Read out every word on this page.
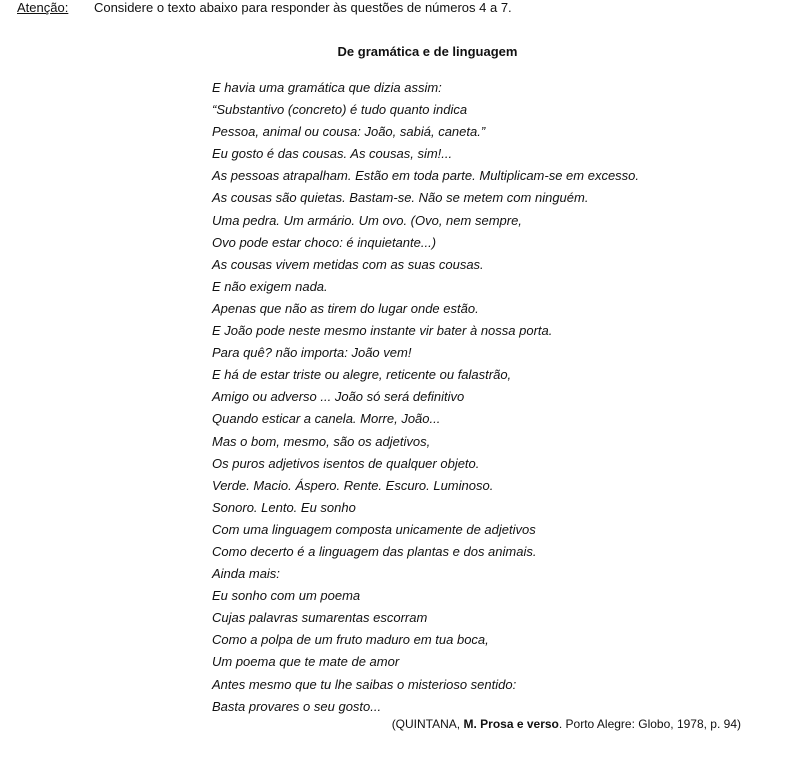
Atenção: Considere o texto abaixo para responder às questões de números 4 a 7.
De gramática e de linguagem
E havia uma gramática que dizia assim:
“Substantivo (concreto) é tudo quanto indica
Pessoa, animal ou cousa: João, sabiá, caneta.”
Eu gosto é das cousas. As cousas, sim!...
As pessoas atrapalham. Estão em toda parte. Multiplicam-se em excesso.
As cousas são quietas. Bastam-se. Não se metem com ninguém.
Uma pedra. Um armário. Um ovo. (Ovo, nem sempre,
Ovo pode estar choco: é inquietante...)
As cousas vivem metidas com as suas cousas.
E não exigem nada.
Apenas que não as tirem do lugar onde estão.
E João pode neste mesmo instante vir bater à nossa porta.
Para quê? não importa: João vem!
E há de estar triste ou alegre, reticente ou falastrão,
Amigo ou adverso ... João só será definitivo
Quando esticar a canela. Morre, João...
Mas o bom, mesmo, são os adjetivos,
Os puros adjetivos isentos de qualquer objeto.
Verde. Macio. Áspero. Rente. Escuro. Luminoso.
Sonoro. Lento. Eu sonho
Com uma linguagem composta unicamente de adjetivos
Como decerto é a linguagem das plantas e dos animais.
Ainda mais:
Eu sonho com um poema
Cujas palavras sumarentas escorram
Como a polpa de um fruto maduro em tua boca,
Um poema que te mate de amor
Antes mesmo que tu lhe saibas o misterioso sentido:
Basta provares o seu gosto...
(QUINTANA, M. Prosa e verso. Porto Alegre: Globo, 1978, p. 94)
